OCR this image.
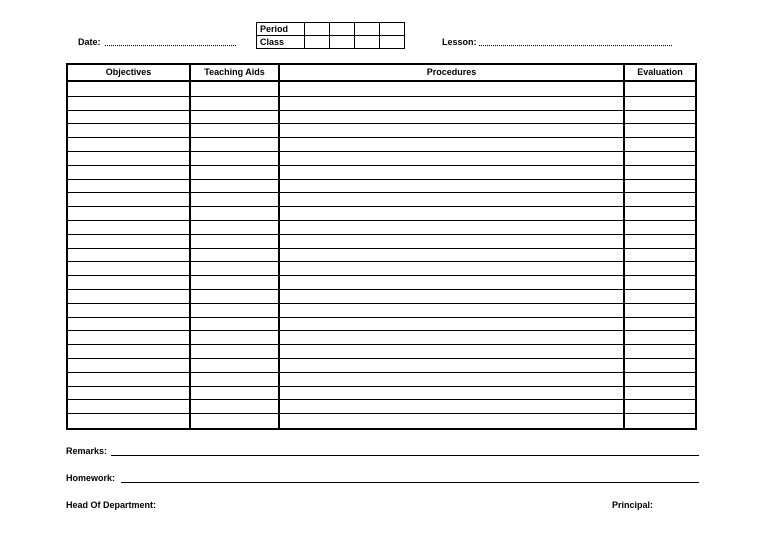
Date:
Period				
Class					Lesson:
Objectives	Teaching Aids	Procedures	Evaluation
Remarks:
Homework:
Head Of Department:	Principal:
